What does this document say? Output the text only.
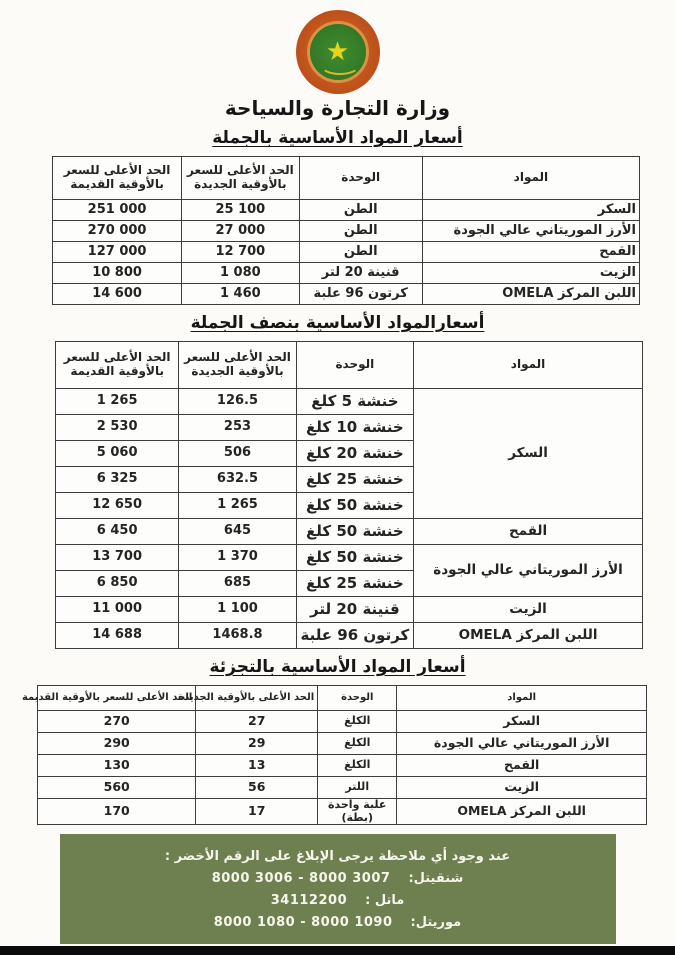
★
وزارة التجارة والسياحة
أسعار المواد الأساسية بالجملة
المواد	الوحدة	الحد الأعلى للسعر بالأوقية الجديدة	الحد الأعلى للسعر بالأوقية القديمة
السكر	الطن	25 100	251 000
الأرز الموريتاني عالي الجودة	الطن	27 000	270 000
القمح	الطن	12 700	127 000
الزيت	قنينة 20 لتر	1 080	10 800
اللبن المركز OMELA	كرتون 96 علبة	1 460	14 600
أسعارالمواد الأساسية بنصف الجملة
المواد	الوحدة	الحد الأعلى للسعر بالأوقية الجديدة	الحد الأعلى للسعر بالأوقية القديمة
السكر	خنشة 5 كلغ	126.5	1 265
	خنشة 10 كلغ	253	2 530
	خنشة 20 كلغ	506	5 060
	خنشة 25 كلغ	632.5	6 325
	خنشة 50 كلغ	1 265	12 650
القمح	خنشة 50 كلغ	645	6 450
الأرز الموريتاني عالي الجودة	خنشة 50 كلغ	1 370	13 700
	خنشة 25 كلغ	685	6 850
الزيت	قنينة 20 لتر	1 100	11 000
اللبن المركز OMELA	كرتون 96 علبة	1468.8	14 688
أسعار المواد الأساسية بالتجزئة
المواد	الوحدة	الحد الأعلى بالأوقية الجديدة	الحد الأعلى للسعر بالأوقية القديمة
السكر	الكلغ	27	270
الأرز الموريتاني عالي الجودة	الكلغ	29	290
القمح	الكلغ	13	130
الزيت	اللتر	56	560
اللبن المركز OMELA	علبة واحدة (بطة)	17	170
عند وجود أي ملاحظة يرجى الإبلاغ على الرقم الأخضر :
شنقيتل:
8000 3006 - 8000 3007
ماتل :
34112200
موريتل:
8000 1080 - 8000 1090
